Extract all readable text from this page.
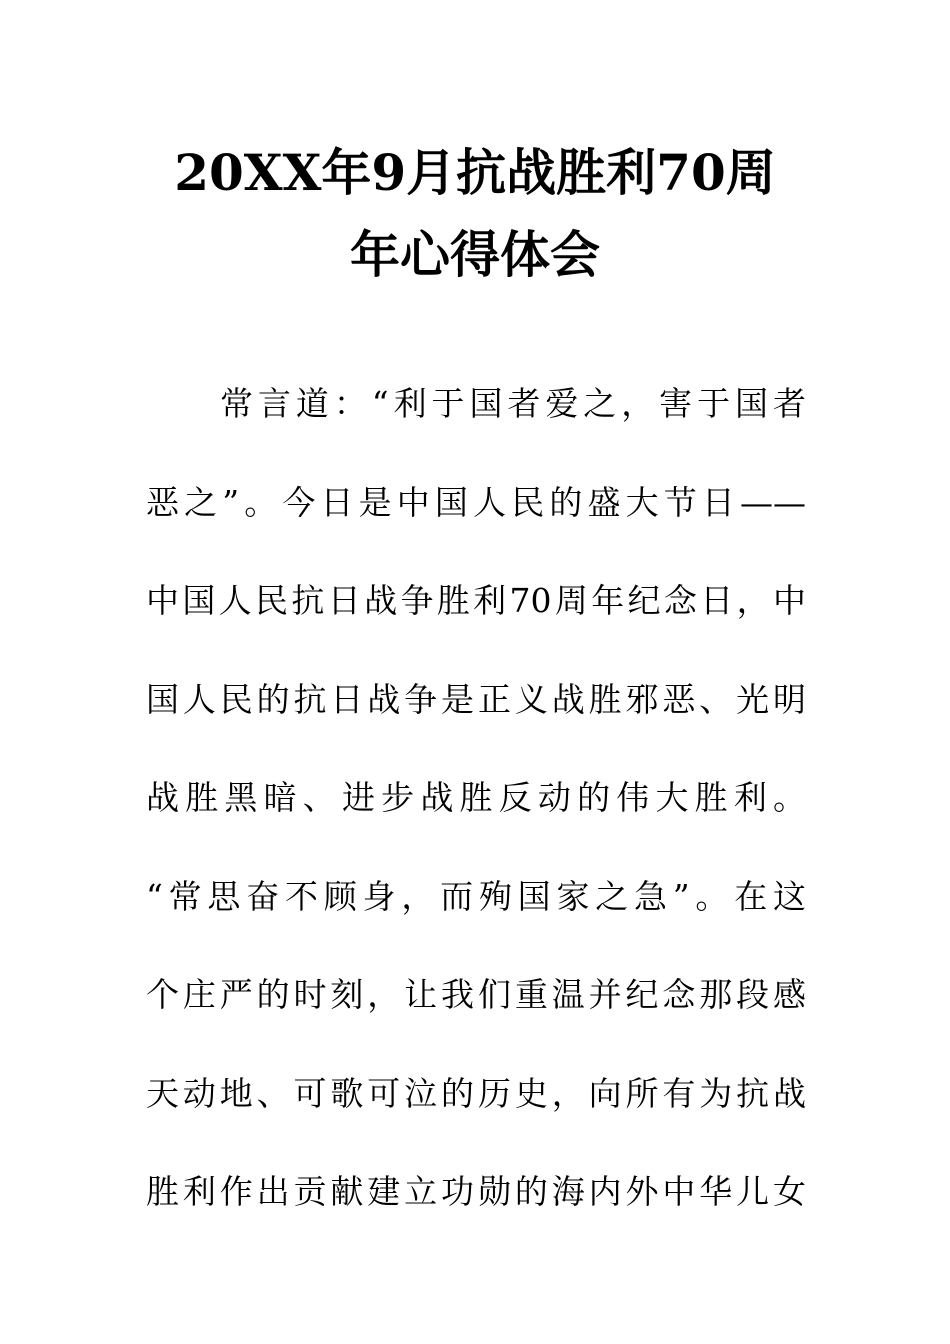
20XX年9月抗战胜利70周
年心得体会
常言道：“利于国者爱之，害于国者
恶之”。今日是中国人民的盛大节日——
中国人民抗日战争胜利70周年纪念日，中
国人民的抗日战争是正义战胜邪恶、光明
战胜黑暗、进步战胜反动的伟大胜利。
“常思奋不顾身，而殉国家之急”。在这
个庄严的时刻，让我们重温并纪念那段感
天动地、可歌可泣的历史，向所有为抗战
胜利作出贡献建立功勋的海内外中华儿女
